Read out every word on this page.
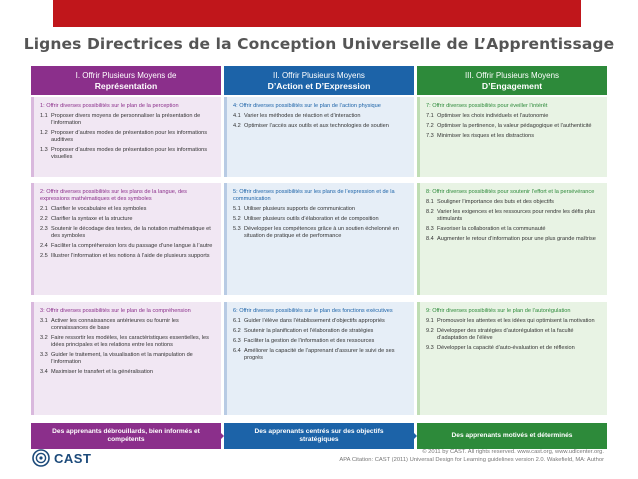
Lignes Directrices de la Conception Universelle de L’Apprentissage
I. Offrir Plusieurs Moyens de
Représentation
1: Offrir diverses possibilités sur le plan de la perception
1.1 Proposer divers moyens de personnaliser la présentation de l’information
1.2 Proposer d’autres modes de présentation pour les informations auditives
1.3 Proposer d’autres modes de présentation pour les informations visuelles
2: Offrir diverses possibilités sur les plans de la langue, des expressions mathématiques et des symboles
2.1 Clarifier le vocabulaire et les symboles
2.2 Clarifier la syntaxe et la structure
2.3 Soutenir le décodage des textes, de la notation mathématique et des symboles
2.4 Faciliter la compréhension lors du passage d’une langue à l’autre
2.5 Illustrer l’information et les notions à l’aide de plusieurs supports
3: Offrir diverses possibilités sur le plan de la compréhension
3.1 Activer les connaissances antérieures ou fournir les connaissances de base
3.2 Faire ressortir les modèles, les caractéristiques essentielles, les idées principales et les relations entre les notions
3.3 Guider le traitement, la visualisation et la manipulation de l’information
3.4 Maximiser le transfert et la généralisation
Des apprenants débrouillards, bien informés et compétents
II. Offrir Plusieurs Moyens
D’Action et D’Expression
4: Offrir diverses possibilités sur le plan de l’action physique
4.1 Varier les méthodes de réaction et d’interaction
4.2 Optimiser l’accès aux outils et aux technologies de soutien
5: Offrir diverses possibilités sur les plans de l’expression et de la communication
5.1 Utiliser plusieurs supports de communication
5.2 Utiliser plusieurs outils d’élaboration et de composition
5.3 Développer les compétences grâce à un soutien échelonné en situation de pratique et de performance
6: Offrir diverses possibilités sur le plan des fonctions exécutives
6.1 Guider l’élève dans l’établissement d’objectifs appropriés
6.2 Soutenir la planification et l’élaboration de stratégies
6.3 Faciliter la gestion de l’information et des ressources
6.4 Améliorer la capacité de l’apprenant d’assurer le suivi de ses progrès
Des apprenants centrés sur des objectifs stratégiques
III. Offrir Plusieurs Moyens
D’Engagement
7: Offrir diverses possibilités pour éveiller l’intérêt
7.1 Optimiser les choix individuels et l’autonomie
7.2 Optimiser la pertinence, la valeur pédagogique et l’authenticité
7.3 Minimiser les risques et les distractions
8: Offrir diverses possibilités pour soutenir l’effort et la persévérance
8.1 Souligner l’importance des buts et des objectifs
8.2 Varier les exigences et les ressources pour rendre les défis plus stimulants
8.3 Favoriser la collaboration et la communauté
8.4 Augmenter le retour d’information pour une plus grande maîtrise
9: Offrir diverses possibilités sur le plan de l’autorégulation
9.1 Promouvoir les attentes et les idées qui optimisent la motivation
9.2 Développer des stratégies d’autorégulation et la faculté d’adaptation de l’élève
9.3 Développer la capacité d’auto-évaluation et de réflexion
Des apprenants motivés et déterminés
CAST	© 2011 by CAST. All rights reserved. www.cast.org, www.udlcenter.org.
APA Citation: CAST (2011) Universal Design for Learning guidelines version 2.0. Wakefield, MA: Author
